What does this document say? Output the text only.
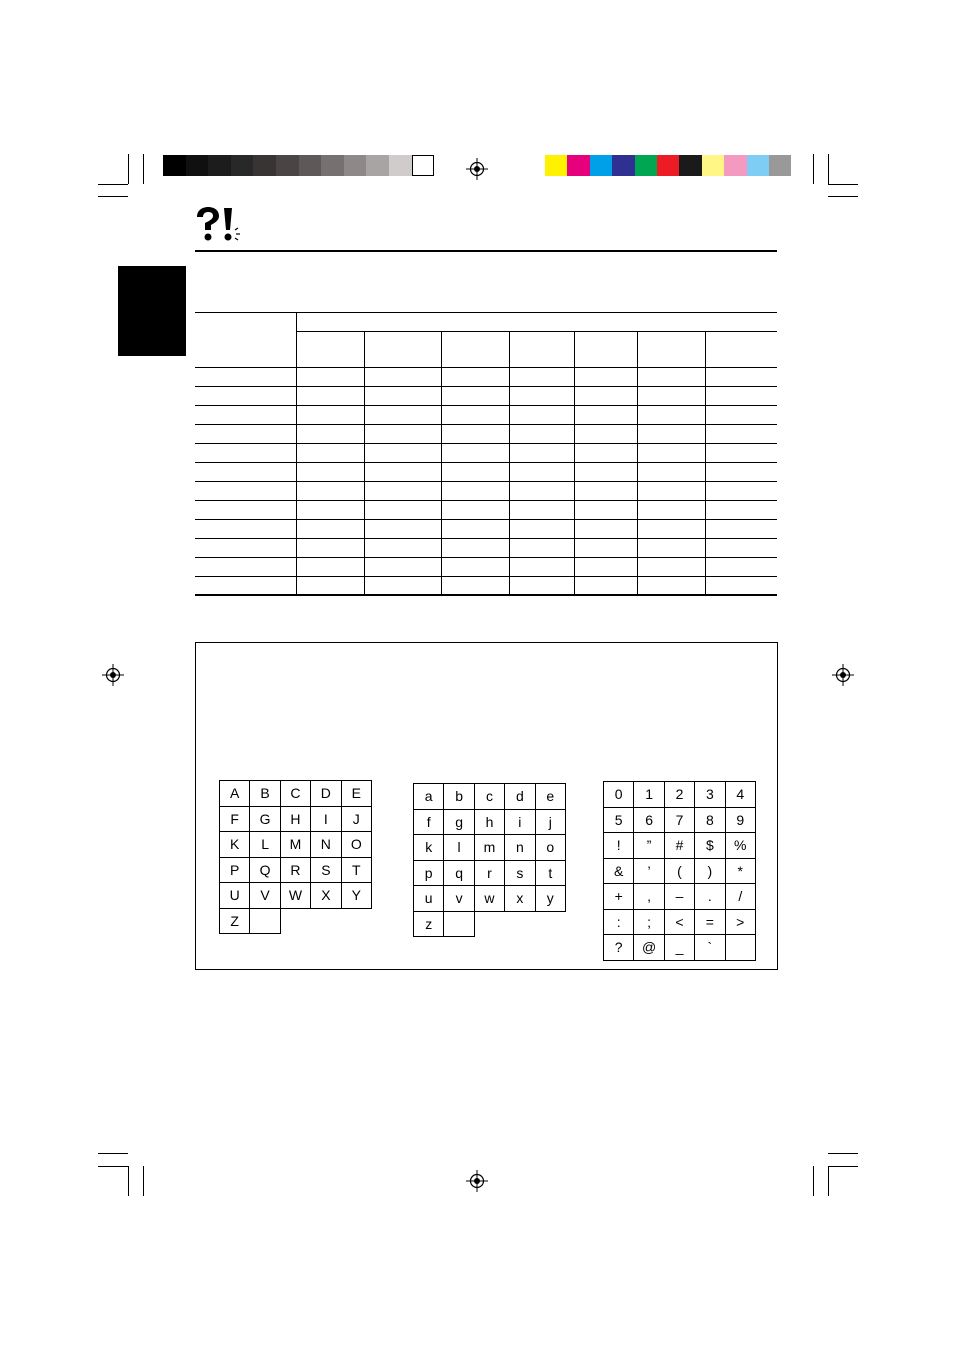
A	B	C	D	E
F	G	H	I	J
K	L	M	N	O
P	Q	R	S	T
U	V	W	X	Y
Z				
a	b	c	d	e
f	g	h	i	j
k	l	m	n	o
p	q	r	s	t
u	v	w	x	y
z				
0	1	2	3	4
5	6	7	8	9
!	”	#	$	%
&	’	(	)	*
+	,	–	.	/
:	;	<	=	>
?	@	_	`	
